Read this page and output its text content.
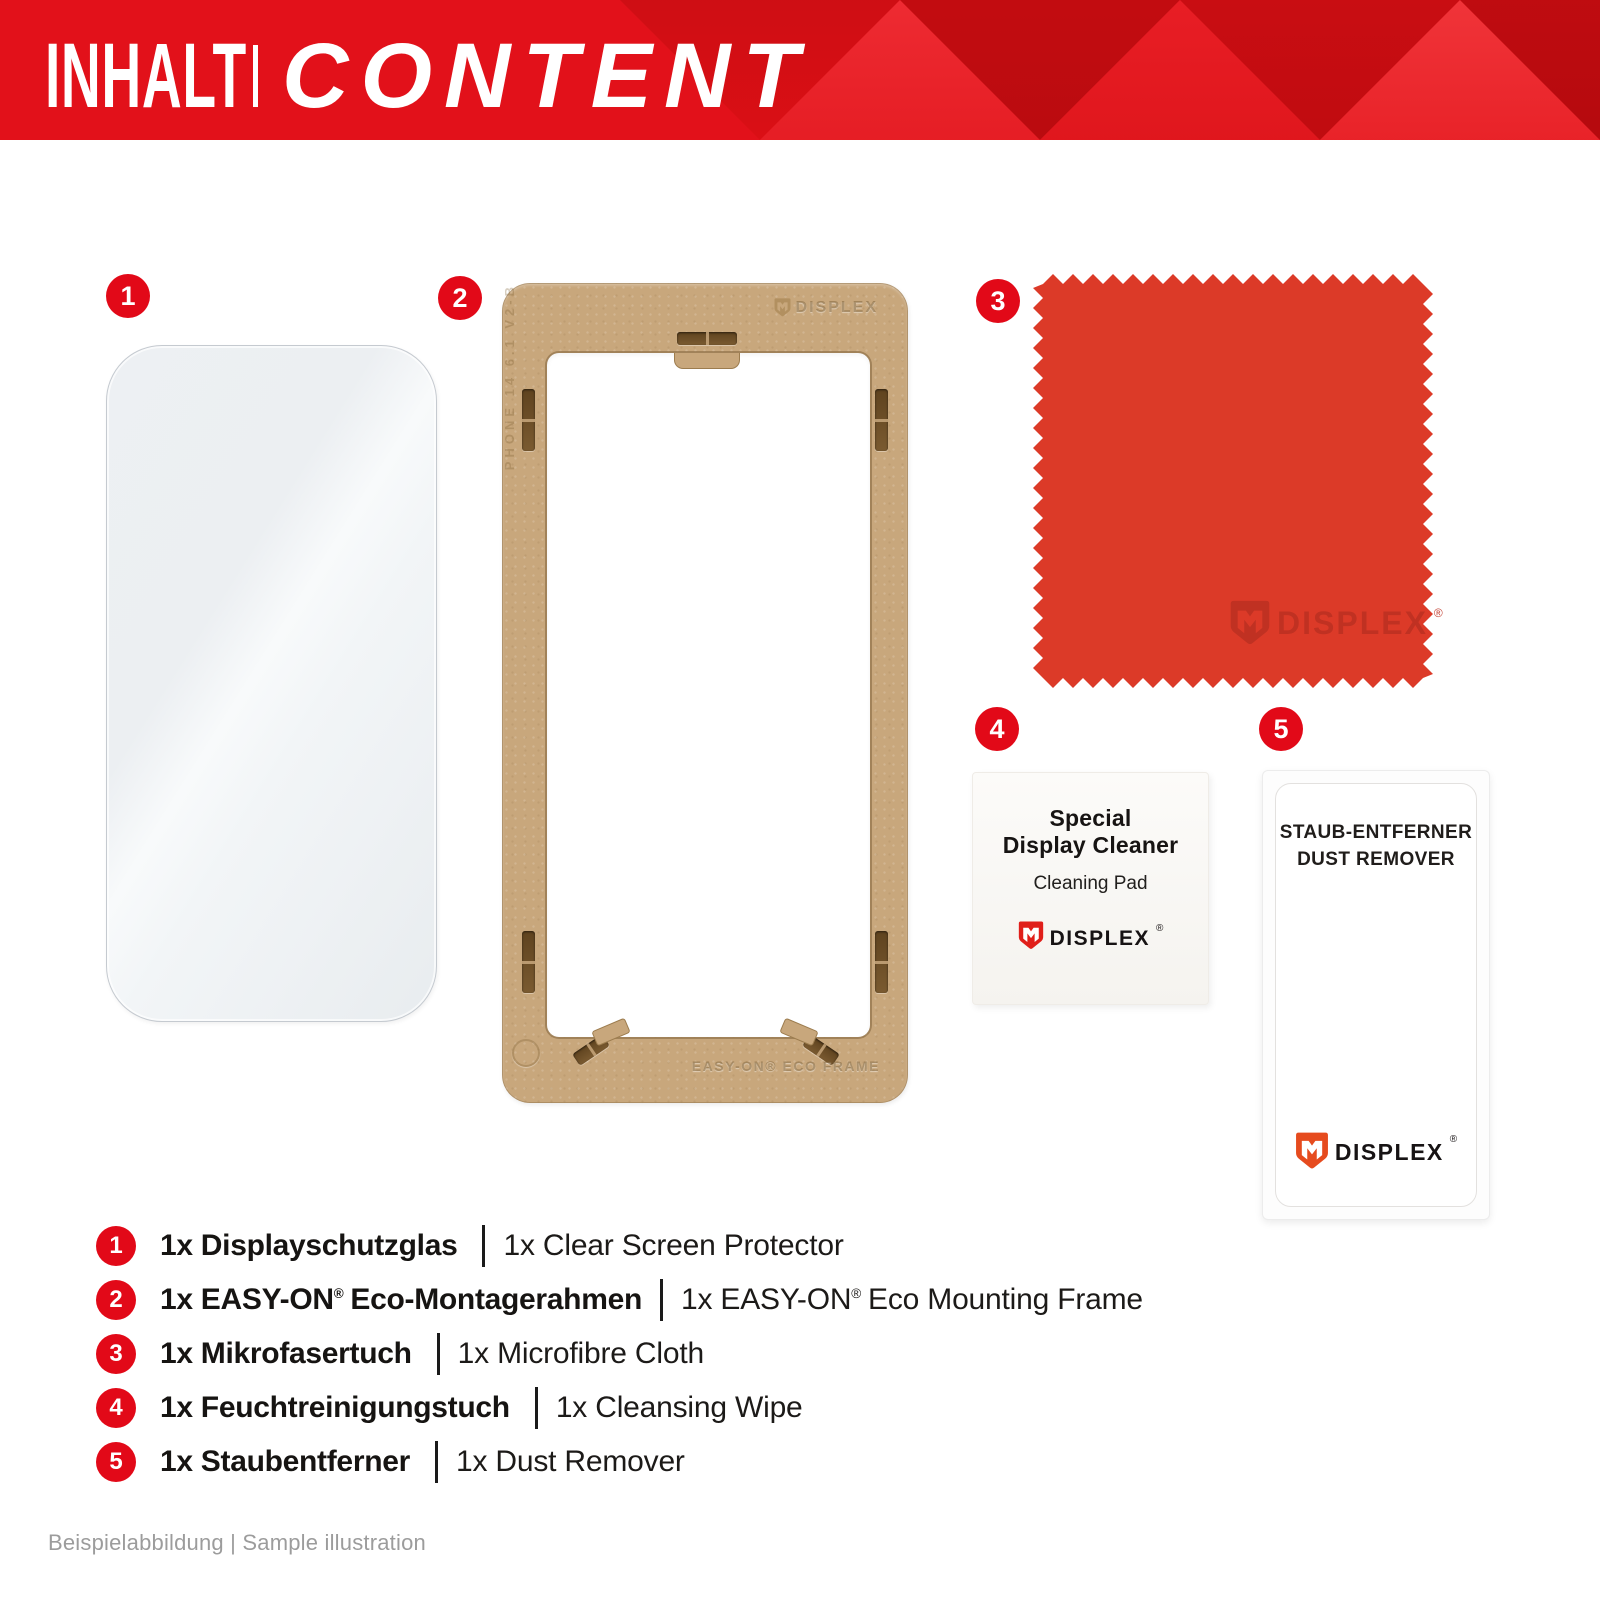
INHALT CONTENT
1	2	3
4	5
DISPLEX
EASY-ON® ECO FRAME
PHONE 14 6.1 V2-B
DISPLEX ®
Special
Display Cleaner
Cleaning Pad
DISPLEX ®
STAUB-ENTFERNER
DUST REMOVER
DISPLEX ®
1	1x Displayschutzglas 1x Clear Screen Protector
2	1x EASY-ON® Eco-Montagerahmen 1x EASY-ON® Eco Mounting Frame
3	1x Mikrofasertuch 1x Microfibre Cloth
4	1x Feuchtreinigungstuch 1x Cleansing Wipe
5	1x Staubentferner 1x Dust Remover
Beispielabbildung | Sample illustration
